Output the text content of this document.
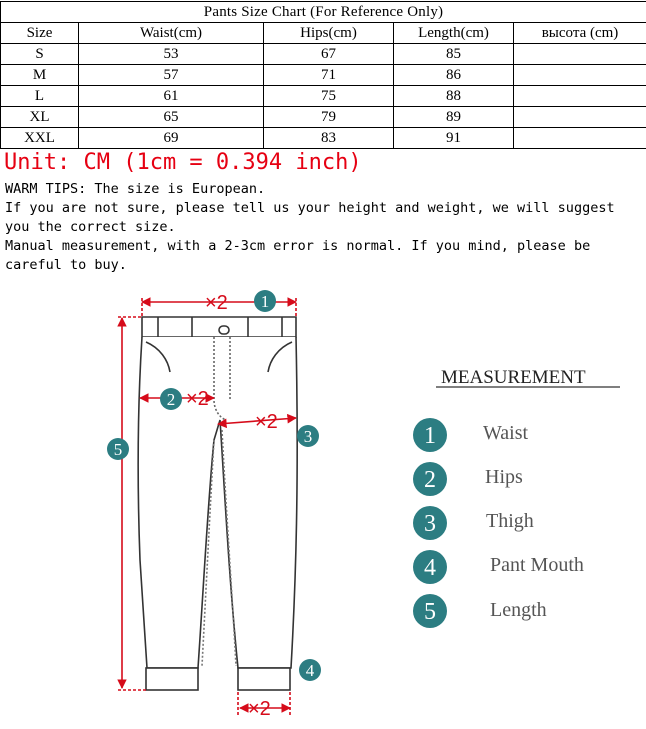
Pants Size Chart (For Reference Only)				
Size	Waist(cm)	Hips(cm)	Length(cm)	высота (cm)
S	53	67	85	
M	57	71	86	
L	61	75	88	
XL	65	79	89	
XXL	69	83	91	

Unit: CM (1cm = 0.394 inch)

WARM TIPS: The size is European.

If you are not sure, please tell us your height and weight, we will suggest you the correct size.

Manual measurement, with a 2-3cm error is normal. If you mind, please be careful to buy.

×2
×2
×2
×2
1
2
3
4
5
MEASUREMENT
1 Waist
2 Hips
3	Thigh
4	Pant Mouth
5	Length
